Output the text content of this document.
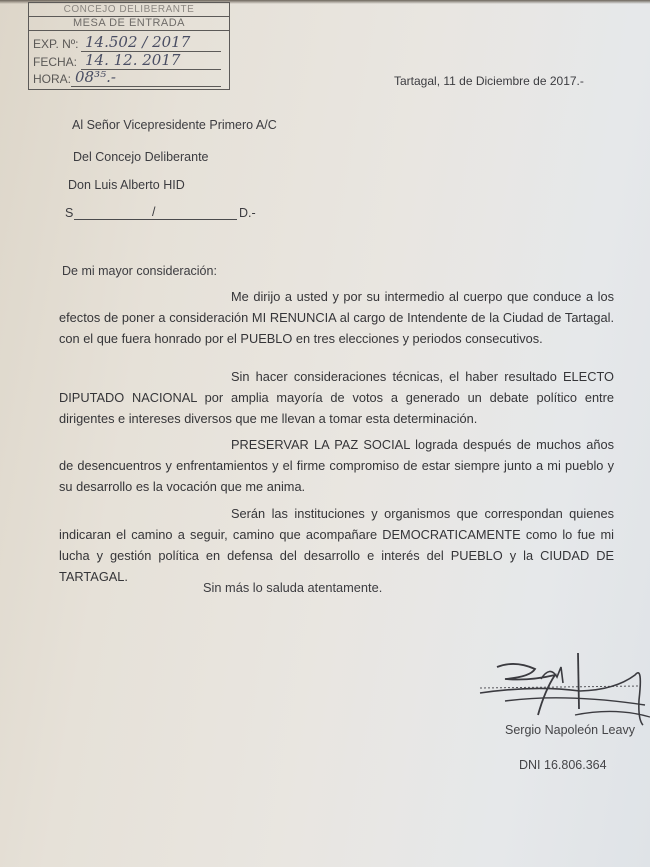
CONCEJO DELIBERANTE
MESA DE ENTRADA
EXP. Nº: 14.502 / 2017
FECHA: 14. 12. 2017
HORA: 08³⁵.-	Tartagal, 11 de Diciembre de 2017.-
Al Señor Vicepresidente Primero A/C
Del Concejo Deliberante
Don Luis Alberto HID
S	/	D.-
De mi mayor consideración:
Me dirijo a usted y por su intermedio al cuerpo que conduce a los efectos de poner a consideración MI RENUNCIA al cargo de Intendente de la Ciudad de Tartagal. con el que fuera honrado por el PUEBLO en tres elecciones y periodos consecutivos.
Sin hacer consideraciones técnicas, el haber resultado ELECTO DIPUTADO NACIONAL por amplia mayoría de votos a generado un debate político entre dirigentes e intereses diversos que me llevan a tomar esta determinación.
PRESERVAR LA PAZ SOCIAL lograda después de muchos años de desencuentros y enfrentamientos y el firme compromiso de estar siempre junto a mi pueblo y su desarrollo es la vocación que me anima.
Serán las instituciones y organismos que correspondan quienes indicaran el camino a seguir, camino que acompañare DEMOCRATICAMENTE como lo fue mi lucha y gestión política en defensa del desarrollo e interés del PUEBLO y la CIUDAD DE TARTAGAL.
Sin más lo saluda atentamente.
Sergio Napoleón Leavy
DNI 16.806.364
